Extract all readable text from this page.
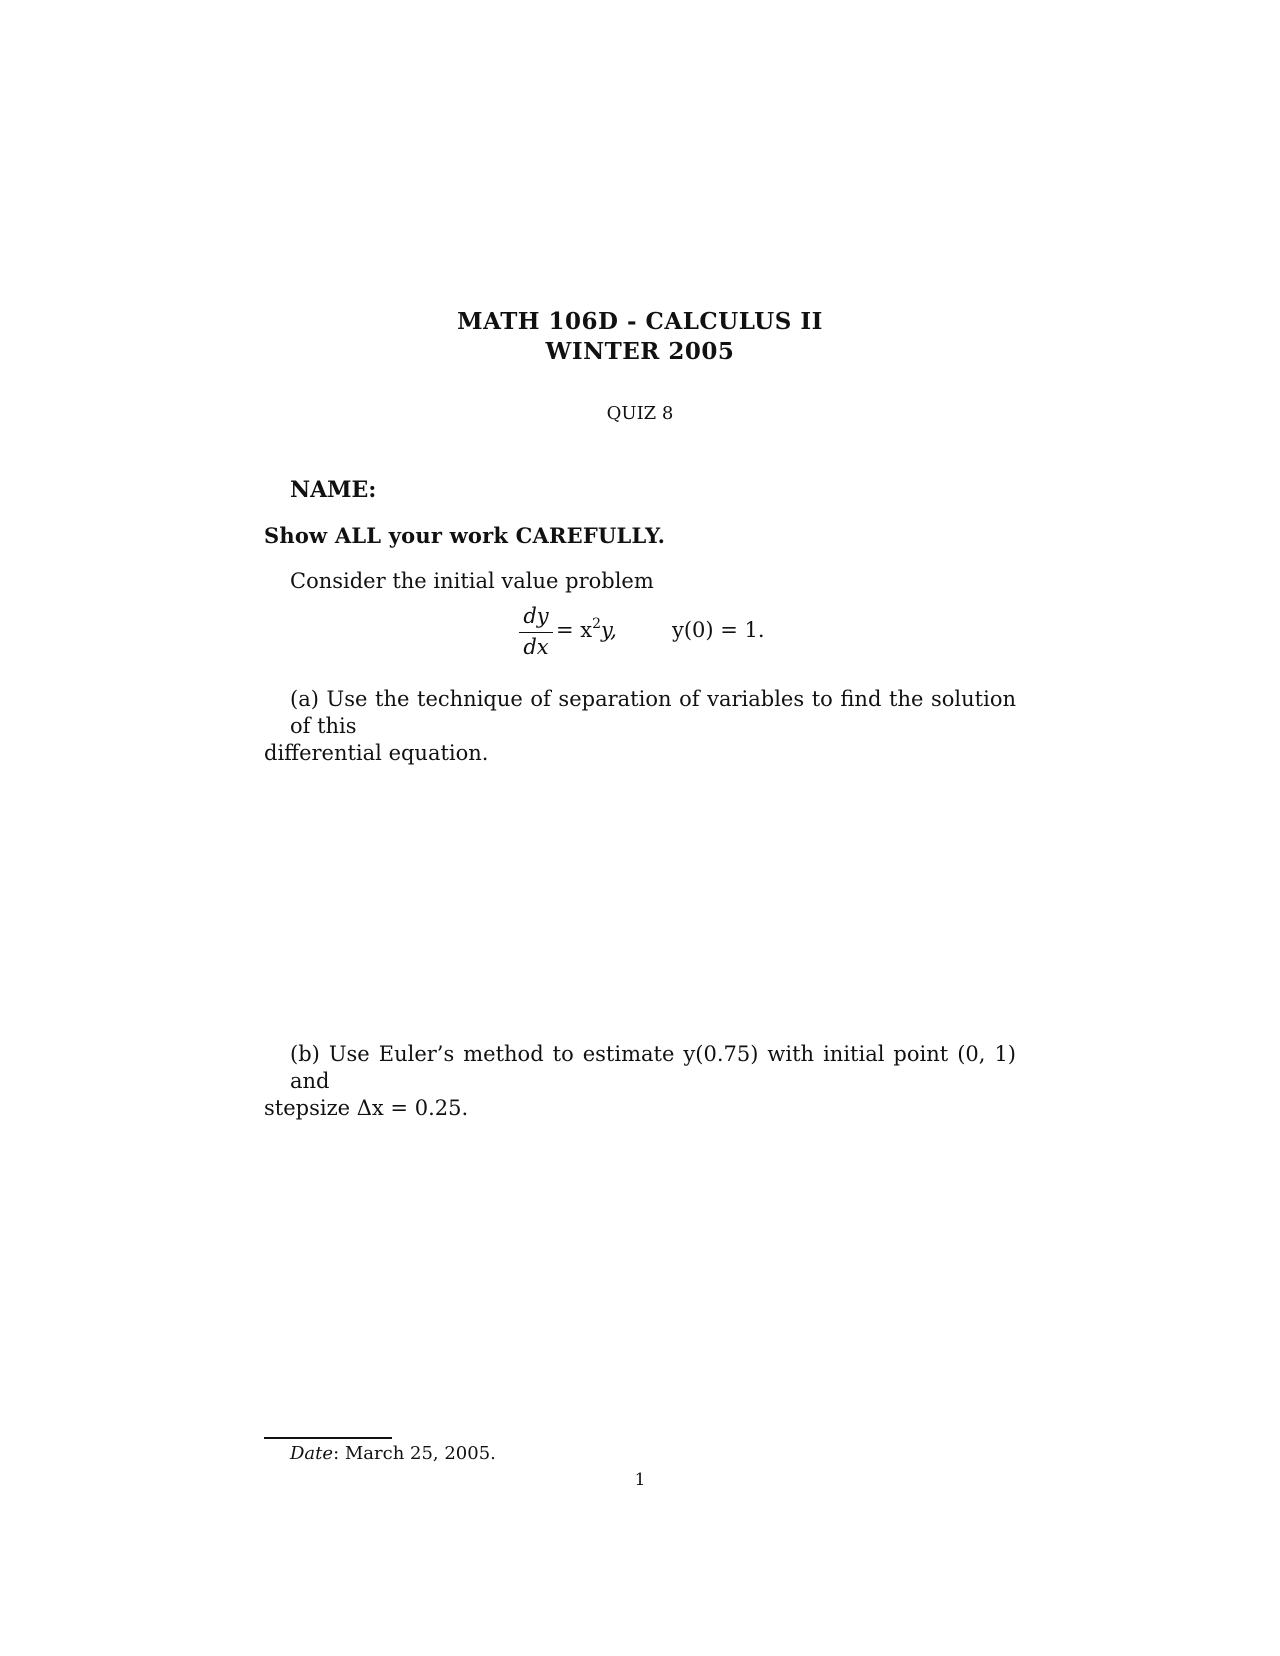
MATH 106D - CALCULUS II
WINTER 2005
QUIZ 8
NAME:
Show ALL your work CAREFULLY.
Consider the initial value problem
dy
dx
= $x^2y$,	y(0) = 1.
(a) Use the technique of separation of variables to find the solution of this
differential equation.
(b) Use Euler’s method to estimate y(0.75) with initial point (0, 1) and
stepsize Δx = 0.25.
Date: March 25, 2005.
1
